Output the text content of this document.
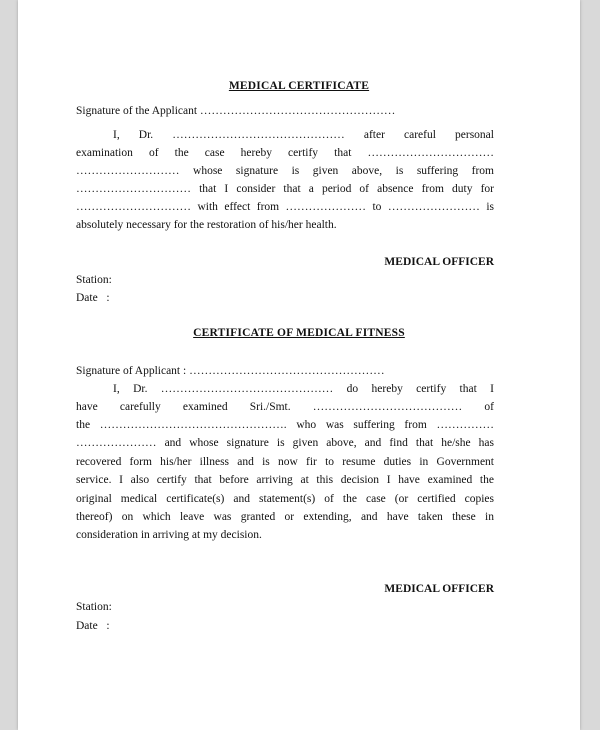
MEDICAL CERTIFICATE
Signature of the Applicant ……………………………………………
I, Dr. ……………………………………… after careful personal
examination of the case hereby certify that ……………………………
……………………… whose signature is given above, is suffering from
………………………… that I consider that a period of absence from duty for
………………………… with effect from ………………… to …………………… is
absolutely necessary for the restoration of his/her health.
MEDICAL OFFICER
Station:
Date   :
CERTIFICATE OF MEDICAL FITNESS
Signature of Applicant : ……………………………………………
I, Dr. ……………………………………… do hereby certify that I
have carefully examined Sri./Smt. ………………………………… of
the …………………………………………. who was suffering from ……………
………………… and whose signature is given above, and find that he/she has
recovered form his/her illness and is now fir to resume duties in Government
service. I also certify that before arriving at this decision I have examined the
original medical certificate(s) and statement(s) of the case (or certified copies
thereof) on which leave was granted or extending, and have taken these in
consideration in arriving at my decision.
MEDICAL OFFICER
Station:
Date   :
